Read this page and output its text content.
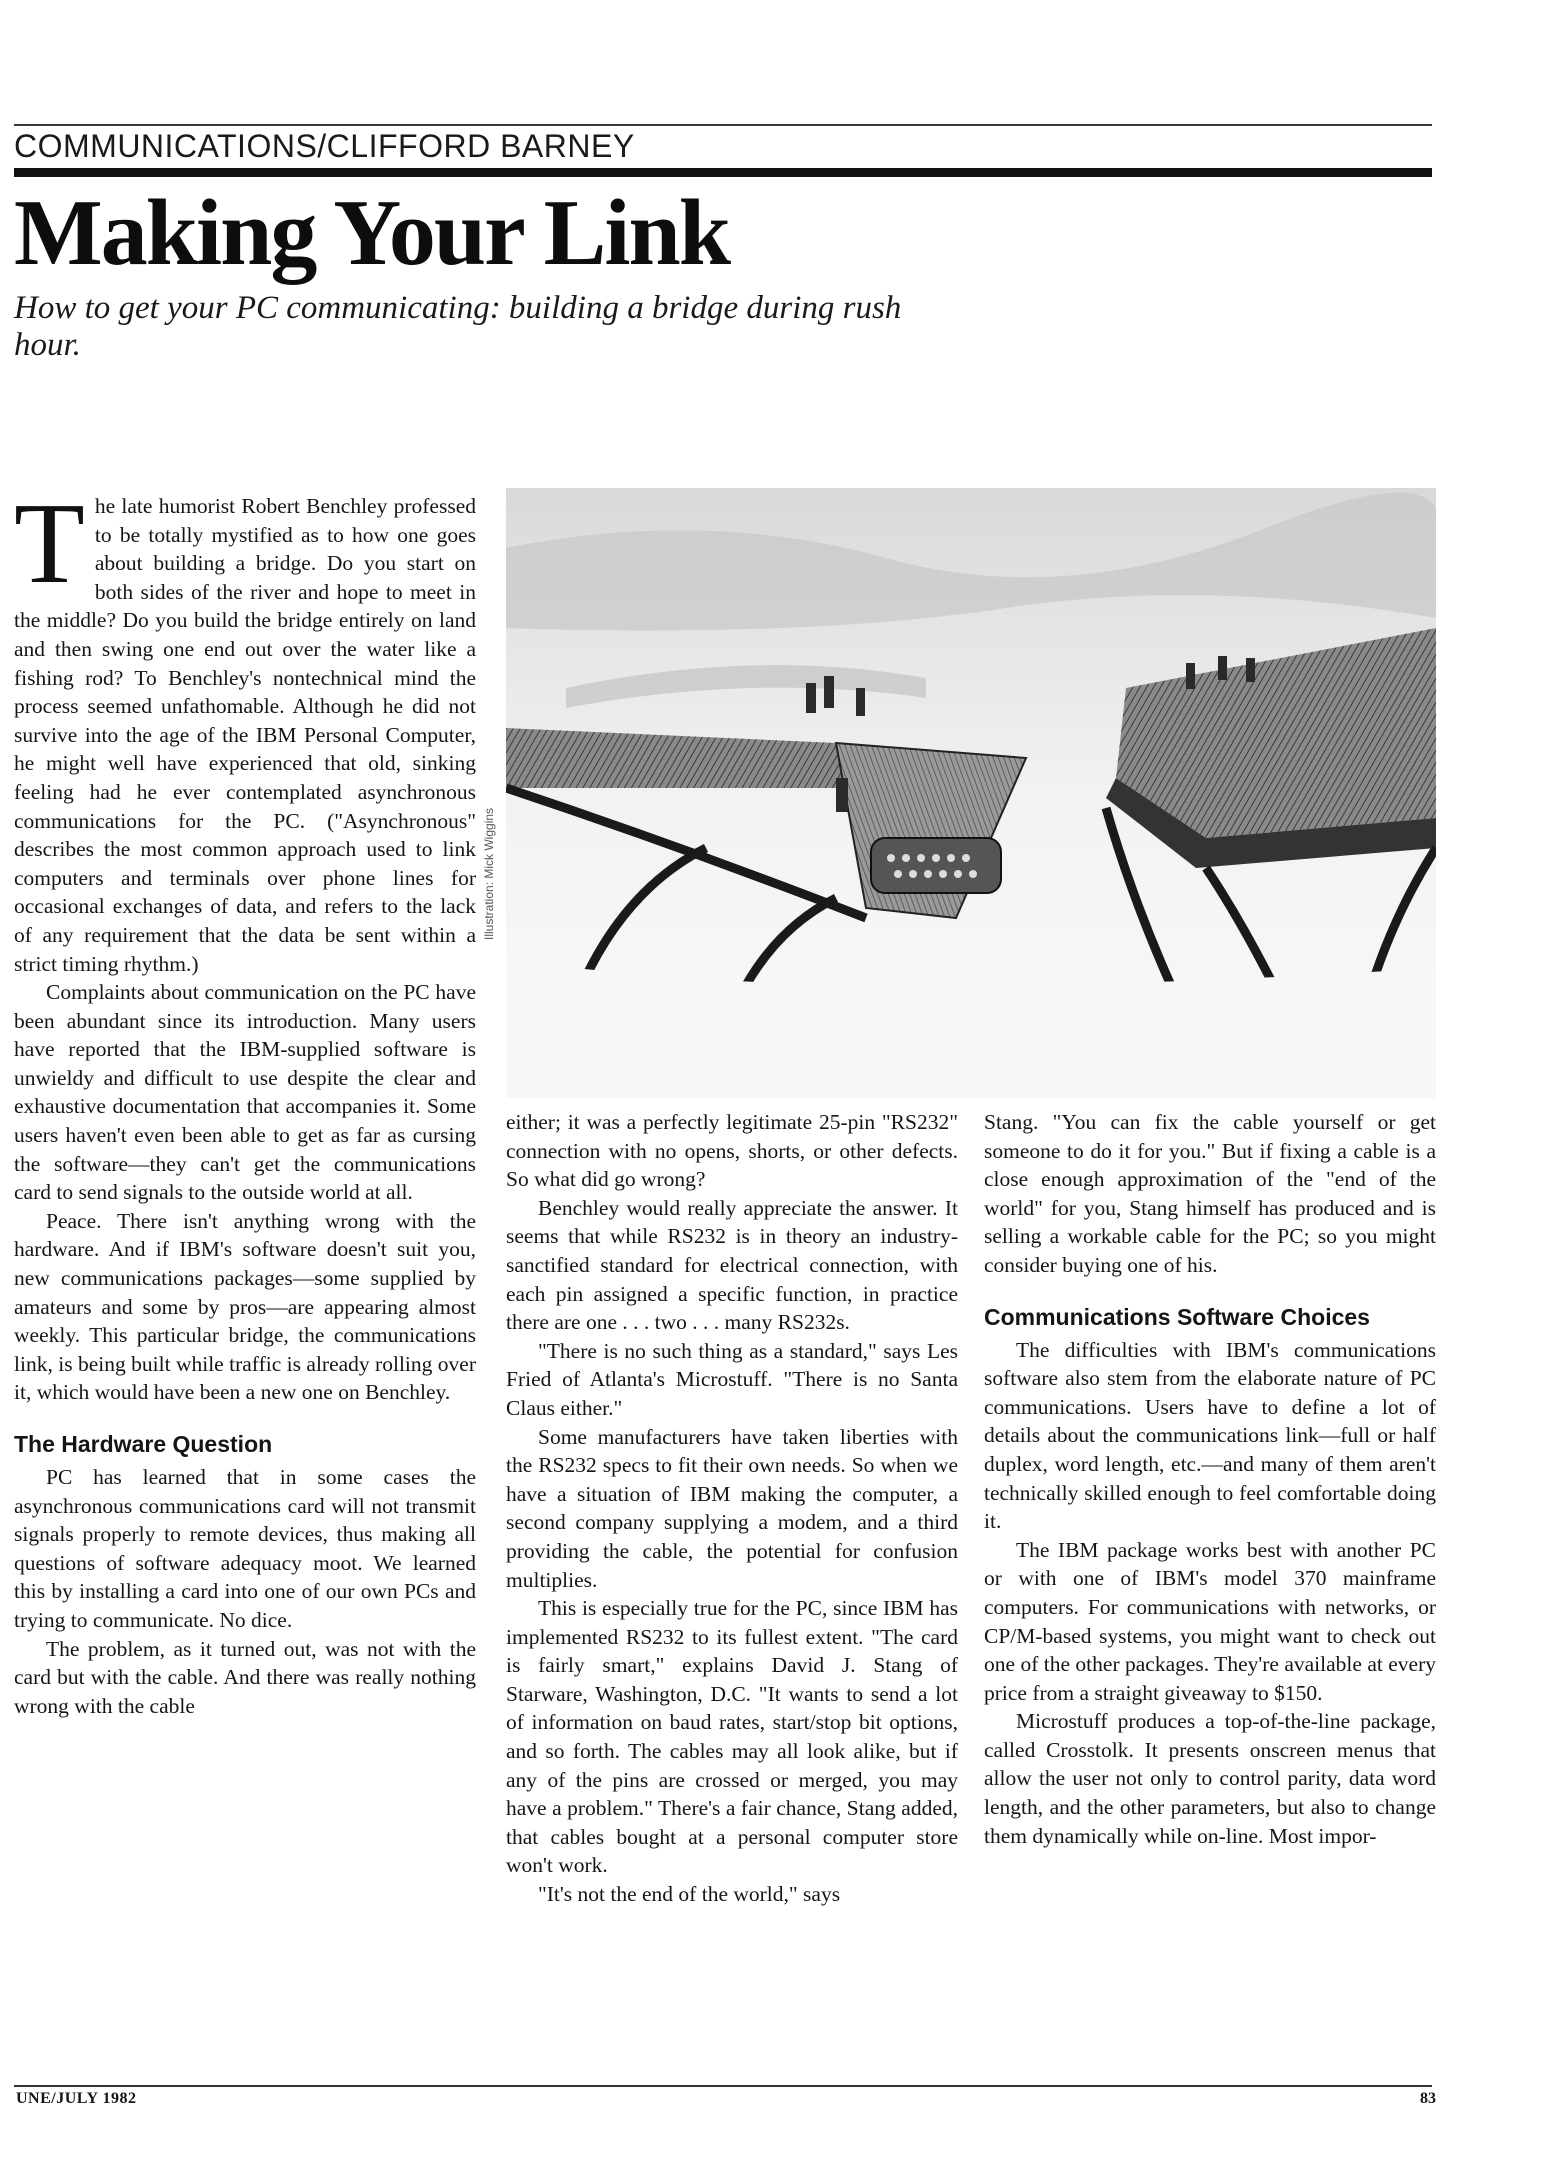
COMMUNICATIONS/CLIFFORD BARNEY
Making Your Link
How to get your PC communicating: building a bridge during rush hour.
Illustration: Mick Wiggins

The late humorist Robert Benchley professed to be totally mystified as to how one goes about building a bridge. Do you start on both sides of the river and hope to meet in the middle? Do you build the bridge entirely on land and then swing one end out over the water like a fishing rod? To Benchley's nontechnical mind the process seemed unfathomable. Although he did not survive into the age of the IBM Personal Computer, he might well have experienced that old, sinking feeling had he ever contemplated asynchronous communications for the PC. ("Asynchronous" describes the most common approach used to link computers and terminals over phone lines for occasional exchanges of data, and refers to the lack of any requirement that the data be sent within a strict timing rhythm.)

Complaints about communication on the PC have been abundant since its introduction. Many users have reported that the IBM-supplied software is unwieldy and difficult to use despite the clear and exhaustive documentation that accompanies it. Some users haven't even been able to get as far as cursing the software—they can't get the communications card to send signals to the outside world at all.

Peace. There isn't anything wrong with the hardware. And if IBM's software doesn't suit you, new communications packages—some supplied by amateurs and some by pros—are appearing almost weekly. This particular bridge, the communications link, is being built while traffic is already rolling over it, which would have been a new one on Benchley.

The Hardware Question

PC has learned that in some cases the asynchronous communications card will not transmit signals properly to remote devices, thus making all questions of software adequacy moot. We learned this by installing a card into one of our own PCs and trying to communicate. No dice.

The problem, as it turned out, was not with the card but with the cable. And there was really nothing wrong with the cable

either; it was a perfectly legitimate 25-pin "RS232" connection with no opens, shorts, or other defects. So what did go wrong?

Benchley would really appreciate the answer. It seems that while RS232 is in theory an industry-sanctified standard for electrical connection, with each pin assigned a specific function, in practice there are one . . . two . . . many RS232s.

"There is no such thing as a standard," says Les Fried of Atlanta's Microstuff. "There is no Santa Claus either."

Some manufacturers have taken liberties with the RS232 specs to fit their own needs. So when we have a situation of IBM making the computer, a second company supplying a modem, and a third providing the cable, the potential for confusion multiplies.

This is especially true for the PC, since IBM has implemented RS232 to its fullest extent. "The card is fairly smart," explains David J. Stang of Starware, Washington, D.C. "It wants to send a lot of information on baud rates, start/stop bit options, and so forth. The cables may all look alike, but if any of the pins are crossed or merged, you may have a problem." There's a fair chance, Stang added, that cables bought at a personal computer store won't work.

"It's not the end of the world," says

Stang. "You can fix the cable yourself or get someone to do it for you." But if fixing a cable is a close enough approximation of the "end of the world" for you, Stang himself has produced and is selling a workable cable for the PC; so you might consider buying one of his.

Communications Software Choices

The difficulties with IBM's communications software also stem from the elaborate nature of PC communications. Users have to define a lot of details about the communications link—full or half duplex, word length, etc.—and many of them aren't technically skilled enough to feel comfortable doing it.

The IBM package works best with another PC or with one of IBM's model 370 mainframe computers. For communications with networks, or CP/M-based systems, you might want to check out one of the other packages. They're available at every price from a straight giveaway to $150.

Microstuff produces a top-of-the-line package, called Crosstolk. It presents onscreen menus that allow the user not only to control parity, data word length, and the other parameters, but also to change them dynamically while on-line. Most impor-

UNE/JULY 1982	83
